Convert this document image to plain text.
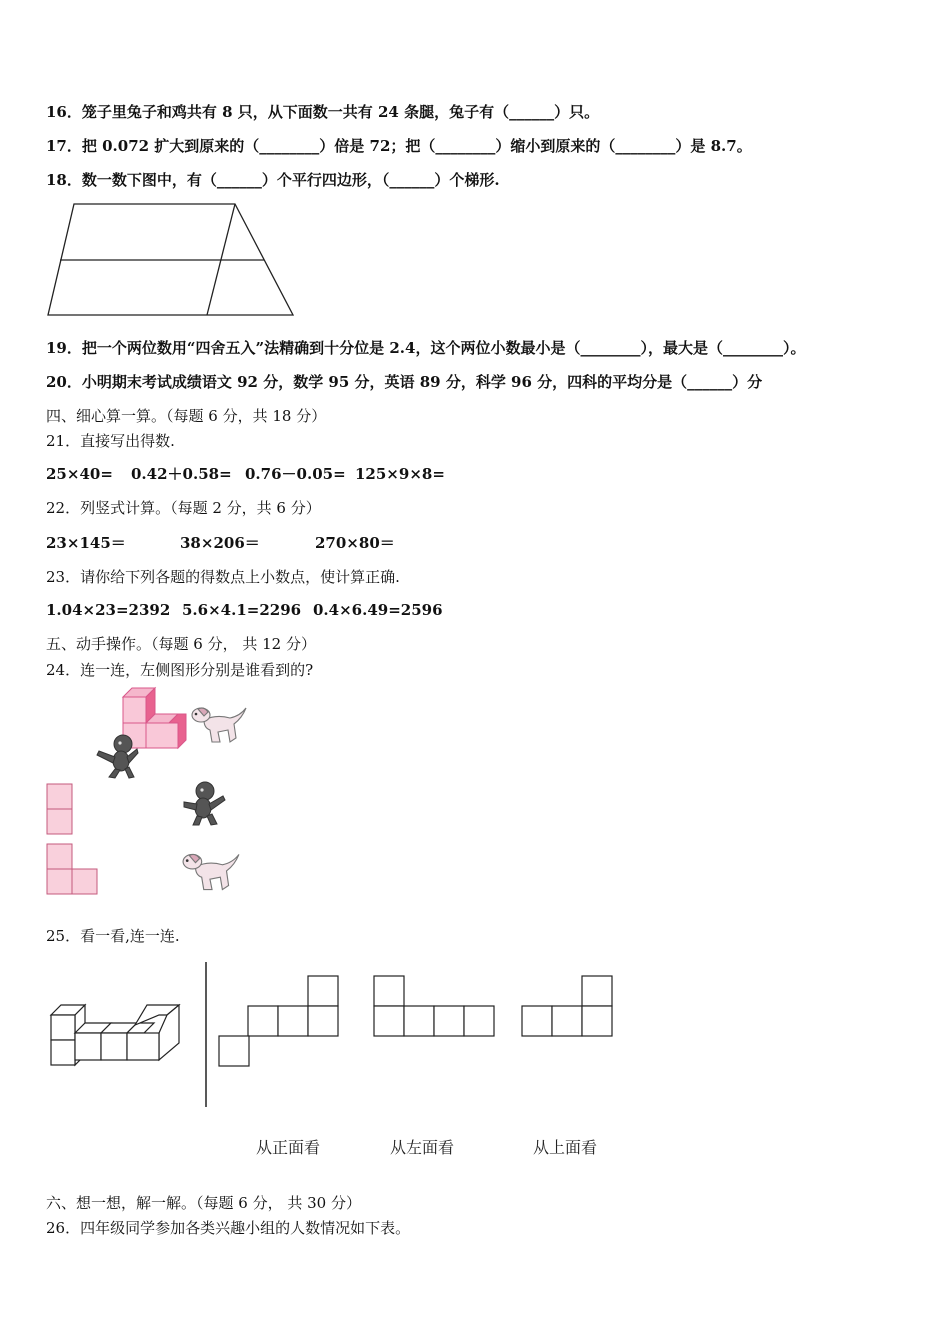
16．笼子里兔子和鸡共有 8 只，从下面数一共有 24 条腿，兔子有（______）只。
17．把 0.072 扩大到原来的（________）倍是 72；把（________）缩小到原来的（________）是 8.7。
18．数一数下图中，有（______）个平行四边形，（______）个梯形.
19．把一个两位数用“四舍五入”法精确到十分位是 2.4，这个两位小数最小是（________），最大是（________）。
20．小明期末考试成绩语文 92 分，数学 95 分，英语 89 分，科学 96 分，四科的平均分是（______）分
四、细心算一算。（每题 6 分，共 18 分）
21．直接写出得数.
25×40= 0.42＋0.58= 0.76－0.05= 125×9×8=
22．列竖式计算。（每题 2 分，共 6 分）
23×145＝	38×206＝	270×80＝
23．请你给下列各题的得数点上小数点，使计算正确.
1.04×23=2392 5.6×4.1=2296 0.4×6.49=2596
五、动手操作。（每题 6 分， 共 12 分）
24．连一连，左侧图形分别是谁看到的?
25．看一看,连一连.
从正面看	从左面看	从上面看
六、想一想，解一解。（每题 6 分， 共 30 分）
26．四年级同学参加各类兴趣小组的人数情况如下表。
